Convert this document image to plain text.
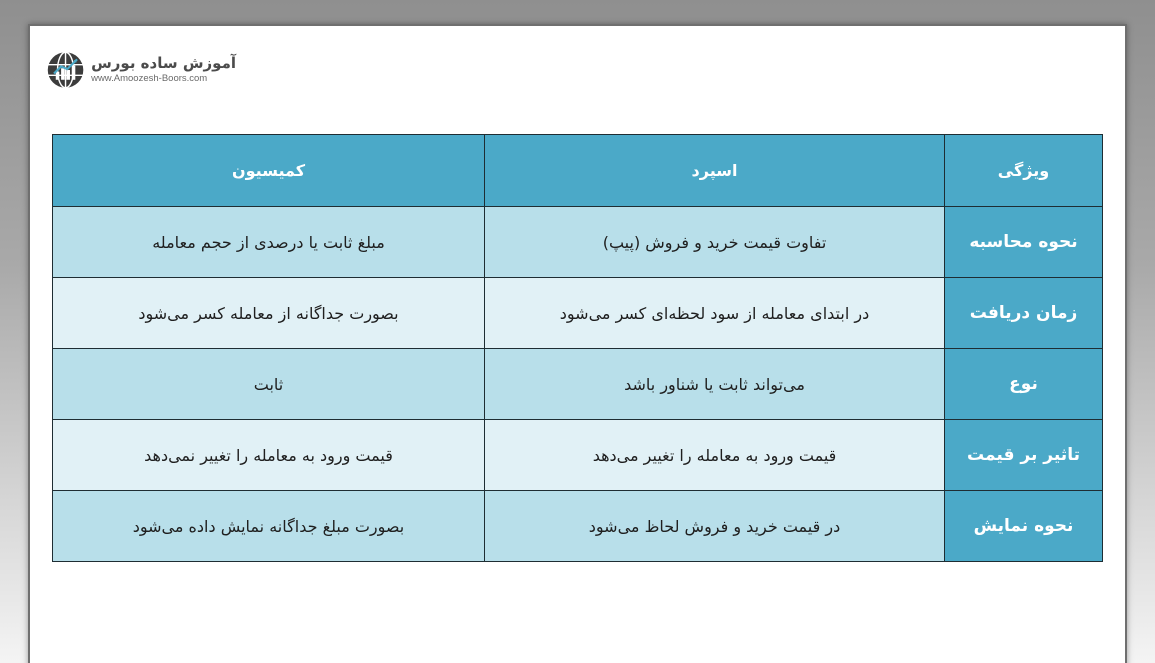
آموزش ساده بورس
www.Amoozesh-Boors.com
ویژگی	اسپرد	کمیسیون
نحوه محاسبه	تفاوت قیمت خرید و فروش (پیپ)	مبلغ ثابت یا درصدی از حجم معامله
زمان دریافت	در ابتدای معامله از سود لحظه‌ای کسر می‌شود	بصورت جداگانه از معامله کسر می‌شود
نوع	می‌تواند ثابت یا شناور باشد	ثابت
تاثیر بر قیمت	قیمت ورود به معامله را تغییر می‌دهد	قیمت ورود به معامله را تغییر نمی‌دهد
نحوه نمایش	در قیمت خرید و فروش لحاظ می‌شود	بصورت مبلغ جداگانه نمایش داده می‌شود
